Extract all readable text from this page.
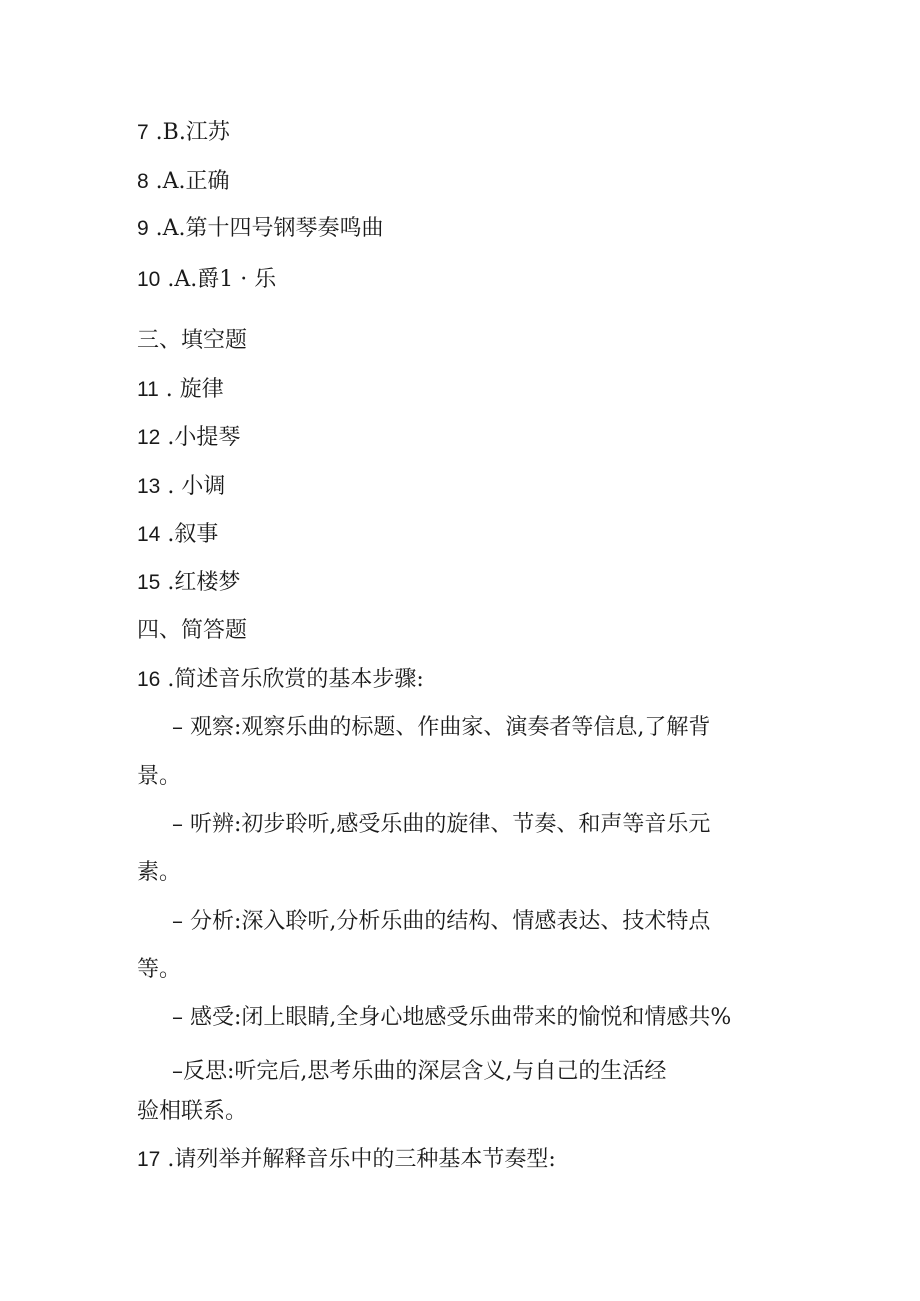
7 .B.江苏
8 .A.正确
9 .A.第十四号钢琴奏鸣曲
10 .A.爵1 · 乐
三、填空题
11 . 旋律
12 .小提琴
13 . 小调
14 .叙事
15 .红楼梦
四、简答题
16 .简述音乐欣赏的基本步骤:
– 观察:观察乐曲的标题、作曲家、演奏者等信息,了解背
景。
– 听辨:初步聆听,感受乐曲的旋律、节奏、和声等音乐元
素。
– 分析:深入聆听,分析乐曲的结构、情感表达、技术特点
等。
– 感受:闭上眼睛,全身心地感受乐曲带来的愉悦和情感共%
–反思:听完后,思考乐曲的深层含义,与自己的生活经
验相联系。
17 .请列举并解释音乐中的三种基本节奏型:
